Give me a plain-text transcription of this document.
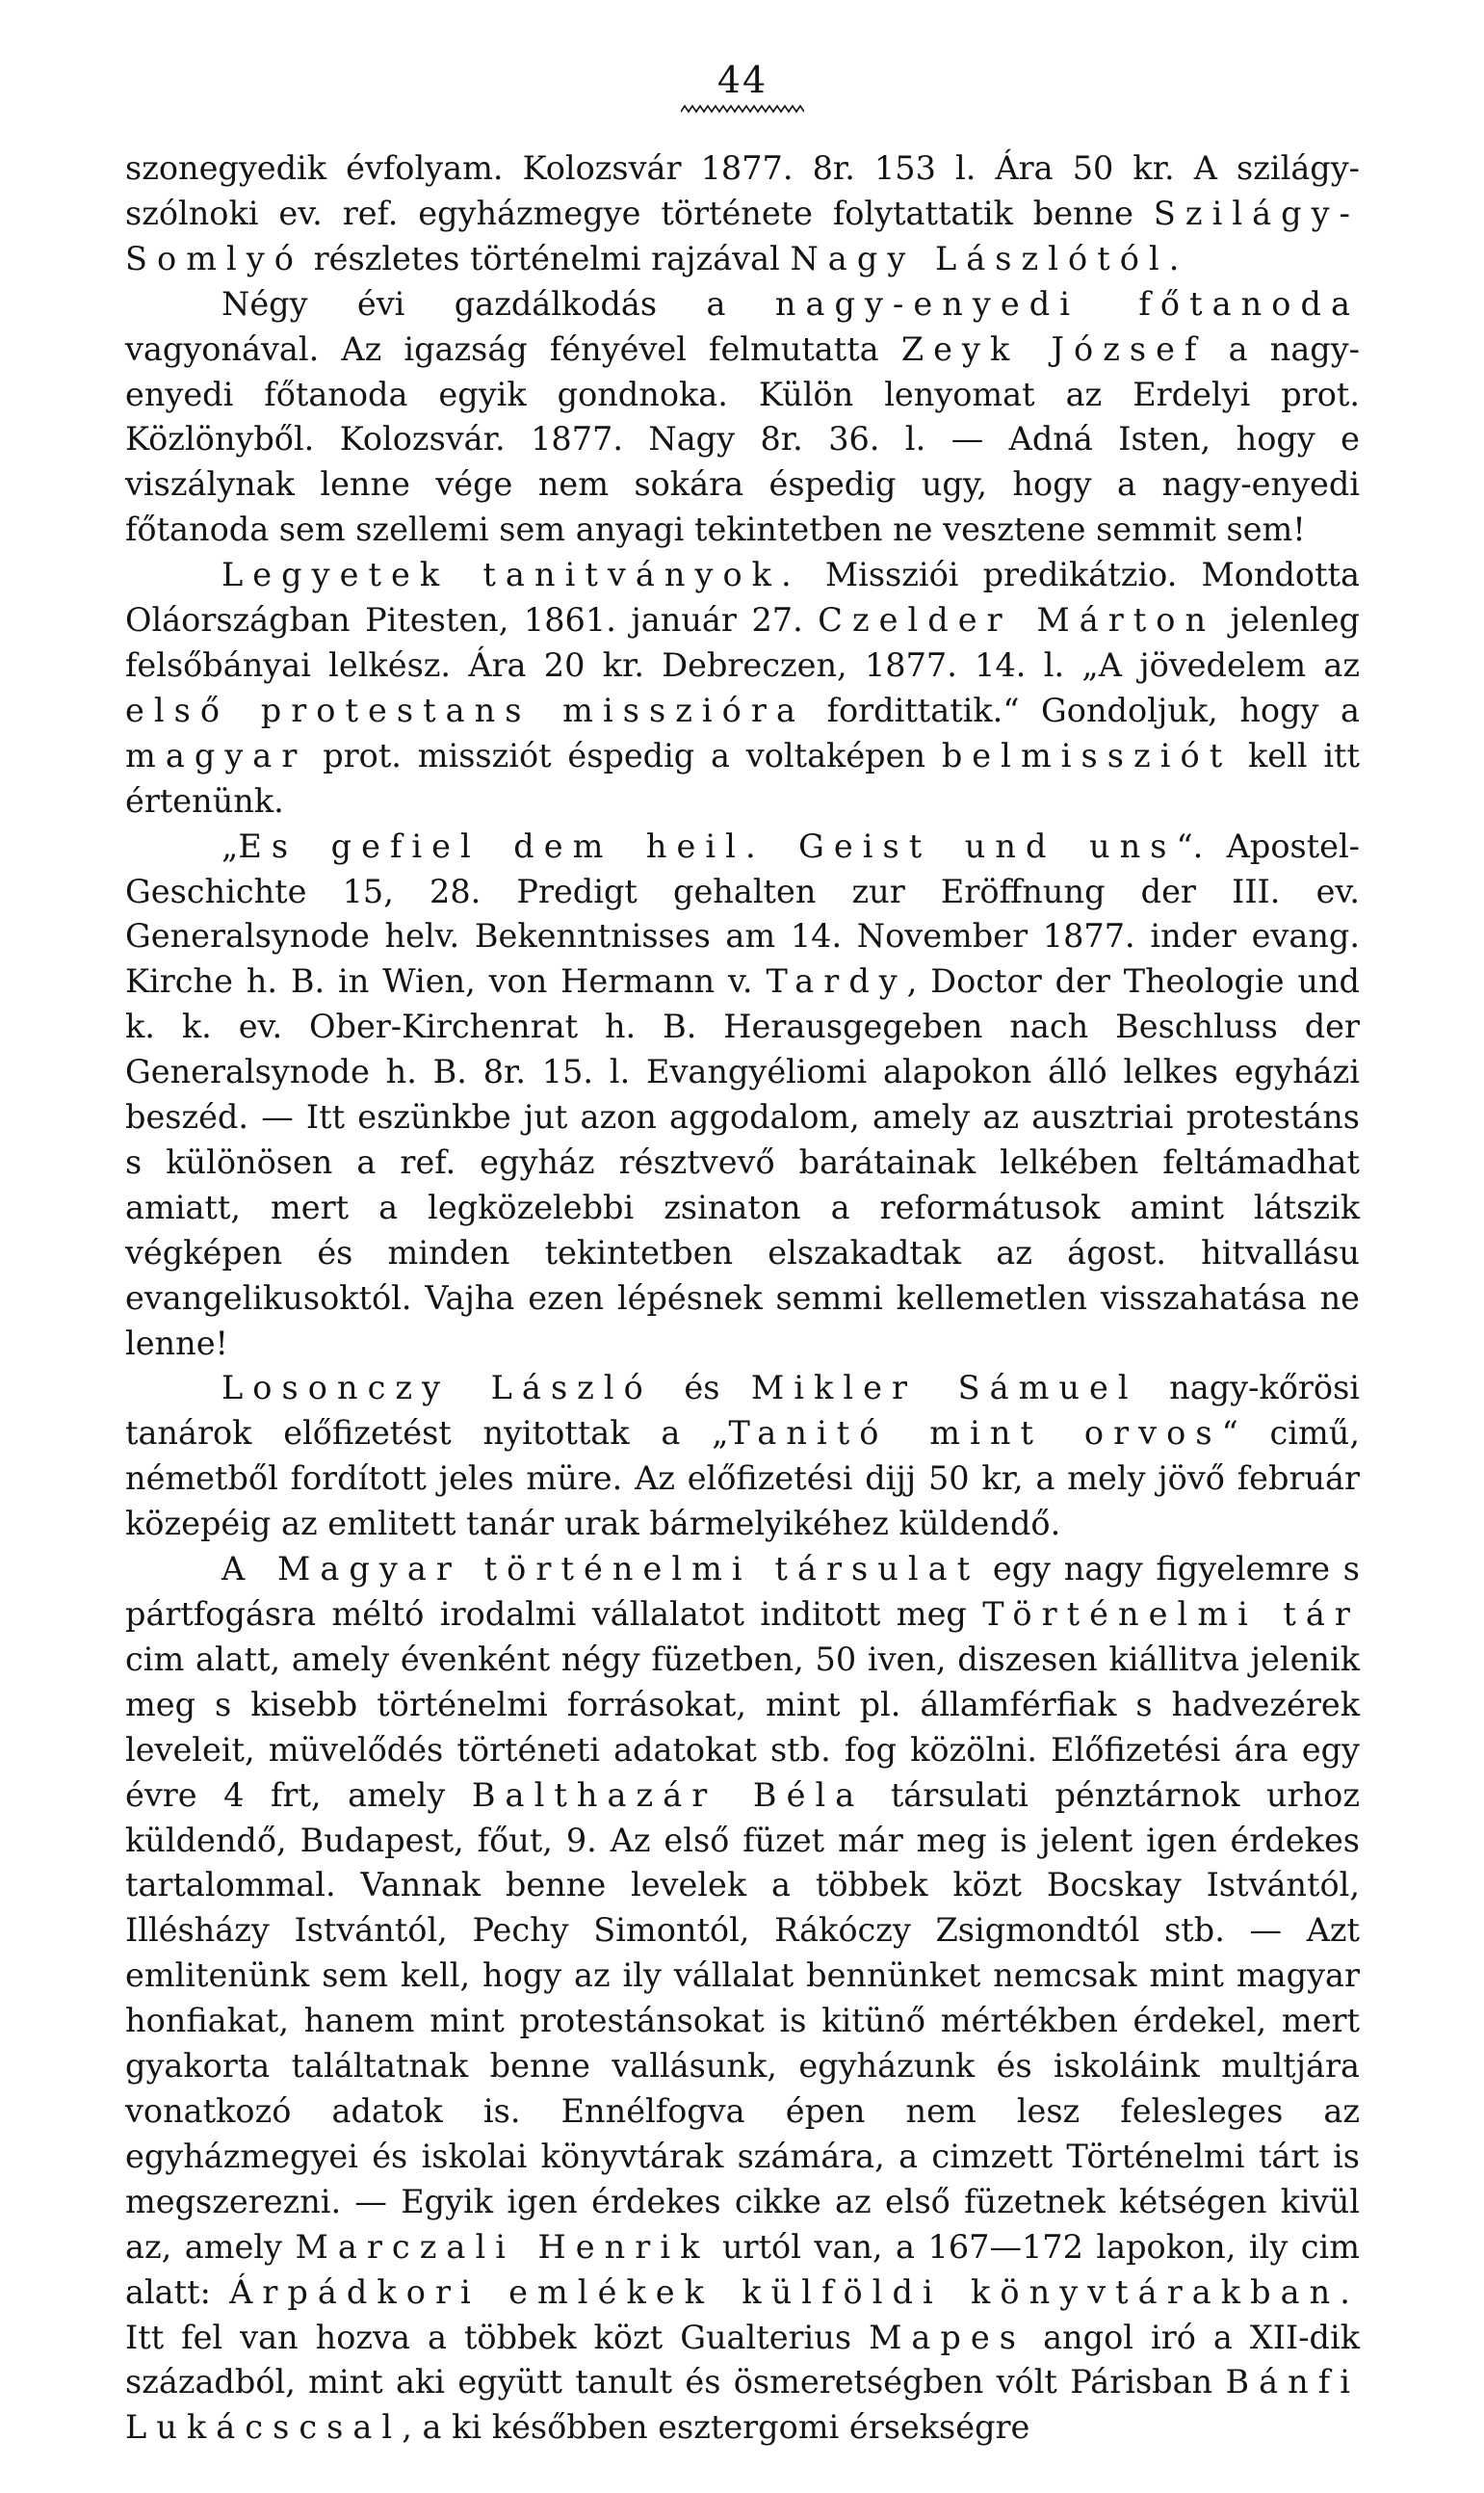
44

szonegyedik évfolyam. Kolozsvár 1877. 8r. 153 l. Ára 50 kr. A szilágy-szólnoki ev. ref. egyházmegye története folytattatik benne Szilágy-Somlyó részletes történelmi rajzával Nagy Lászlótól.

Négy évi gazdálkodás a nagy-enyedi főtanoda vagyonával. Az igazság fényével felmutatta Zeyk József a nagy-enyedi főtanoda egyik gondnoka. Külön lenyomat az Erdelyi prot. Közlönyből. Kolozsvár. 1877. Nagy 8r. 36. l. — Adná Isten, hogy e viszálynak lenne vége nem sokára éspedig ugy, hogy a nagy-enyedi főtanoda sem szellemi sem anyagi tekintetben ne vesztene semmit sem!

Legyetek tanitványok. Missziói predikátzio. Mondotta Oláországban Pitesten, 1861. január 27. Czelder Márton jelenleg felsőbányai lelkész. Ára 20 kr. Debreczen, 1877. 14. l. „A jövedelem az első protestans misszióra fordittatik.“ Gondoljuk, hogy a magyar prot. missziót éspedig a voltaképen belmissziót kell itt értenünk.

„Es gefiel dem heil. Geist und uns“. Apostel-Geschichte 15, 28. Predigt gehalten zur Eröffnung der III. ev. Generalsynode helv. Bekenntnisses am 14. November 1877. inder evang. Kirche h. B. in Wien, von Hermann v. Tardy, Doctor der Theologie und k. k. ev. Ober-Kirchenrat h. B. Herausgegeben nach Beschluss der Generalsynode h. B. 8r. 15. l. Evangyéliomi alapokon álló lelkes egyházi beszéd. — Itt eszünkbe jut azon aggodalom, amely az ausztriai protestáns s különösen a ref. egyház résztvevő barátainak lelkében feltámadhat amiatt, mert a legközelebbi zsinaton a reformátusok amint látszik végképen és minden tekintetben elszakadtak az ágost. hitvallásu evangelikusoktól. Vajha ezen lépésnek semmi kellemetlen visszahatása ne lenne!

Losonczy László és Mikler Sámuel nagy-kőrösi tanárok előfizetést nyitottak a „Tanitó mint orvos“ cimű, németből fordított jeles müre. Az előfizetési dijj 50 kr, a mely jövő február közepéig az emlitett tanár urak bármelyikéhez küldendő.

A Magyar történelmi társulat egy nagy figyelemre s pártfogásra méltó irodalmi vállalatot inditott meg Történelmi tár cim alatt, amely évenként négy füzetben, 50 iven, diszesen kiállitva jelenik meg s kisebb történelmi forrásokat, mint pl. államférfiak s hadvezérek leveleit, müvelődés történeti adatokat stb. fog közölni. Előfizetési ára egy évre 4 frt, amely Balthazár Béla társulati pénztárnok urhoz küldendő, Budapest, főut, 9. Az első füzet már meg is jelent igen érdekes tartalommal. Vannak benne levelek a többek közt Bocskay Istvántól, Illésházy Istvántól, Pechy Simontól, Rákóczy Zsigmondtól stb. — Azt emlitenünk sem kell, hogy az ily vállalat bennünket nemcsak mint magyar honfiakat, hanem mint protestánsokat is kitünő mértékben érdekel, mert gyakorta találtatnak benne vallásunk, egyházunk és iskoláink multjára vonatkozó adatok is. Ennélfogva épen nem lesz felesleges az egyházmegyei és iskolai könyvtárak számára, a cimzett Történelmi tárt is megszerezni. — Egyik igen érdekes cikke az első füzetnek kétségen kivül az, amely Marczali Henrik urtól van, a 167—172 lapokon, ily cim alatt: Árpádkori emlékek külföldi könyvtárakban. Itt fel van hozva a többek közt Gualterius Mapes angol iró a XII-dik századból, mint aki együtt tanult és ösmeretségben vólt Párisban Bánfi Lukácscsal, a ki későbben esztergomi érsekségre
